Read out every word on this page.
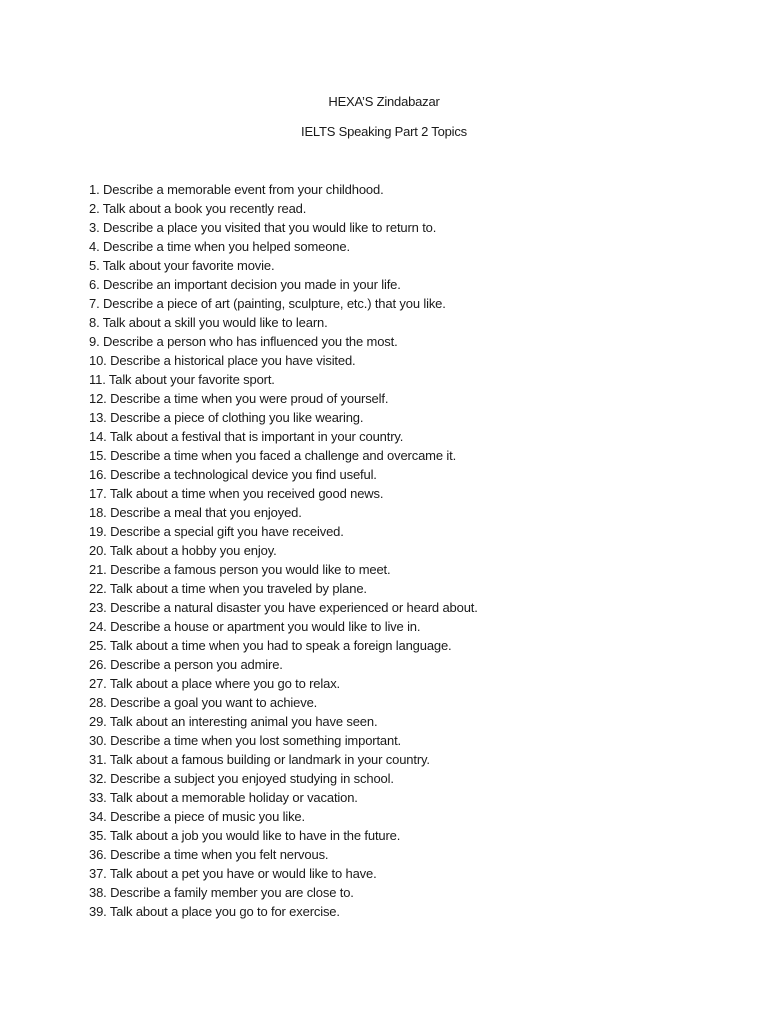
HEXA’S Zindabazar
IELTS Speaking Part 2 Topics
1. Describe a memorable event from your childhood.
2. Talk about a book you recently read.
3. Describe a place you visited that you would like to return to.
4. Describe a time when you helped someone.
5. Talk about your favorite movie.
6. Describe an important decision you made in your life.
7. Describe a piece of art (painting, sculpture, etc.) that you like.
8. Talk about a skill you would like to learn.
9. Describe a person who has influenced you the most.
10. Describe a historical place you have visited.
11. Talk about your favorite sport.
12. Describe a time when you were proud of yourself.
13. Describe a piece of clothing you like wearing.
14. Talk about a festival that is important in your country.
15. Describe a time when you faced a challenge and overcame it.
16. Describe a technological device you find useful.
17. Talk about a time when you received good news.
18. Describe a meal that you enjoyed.
19. Describe a special gift you have received.
20. Talk about a hobby you enjoy.
21. Describe a famous person you would like to meet.
22. Talk about a time when you traveled by plane.
23. Describe a natural disaster you have experienced or heard about.
24. Describe a house or apartment you would like to live in.
25. Talk about a time when you had to speak a foreign language.
26. Describe a person you admire.
27. Talk about a place where you go to relax.
28. Describe a goal you want to achieve.
29. Talk about an interesting animal you have seen.
30. Describe a time when you lost something important.
31. Talk about a famous building or landmark in your country.
32. Describe a subject you enjoyed studying in school.
33. Talk about a memorable holiday or vacation.
34. Describe a piece of music you like.
35. Talk about a job you would like to have in the future.
36. Describe a time when you felt nervous.
37. Talk about a pet you have or would like to have.
38. Describe a family member you are close to.
39. Talk about a place you go to for exercise.
